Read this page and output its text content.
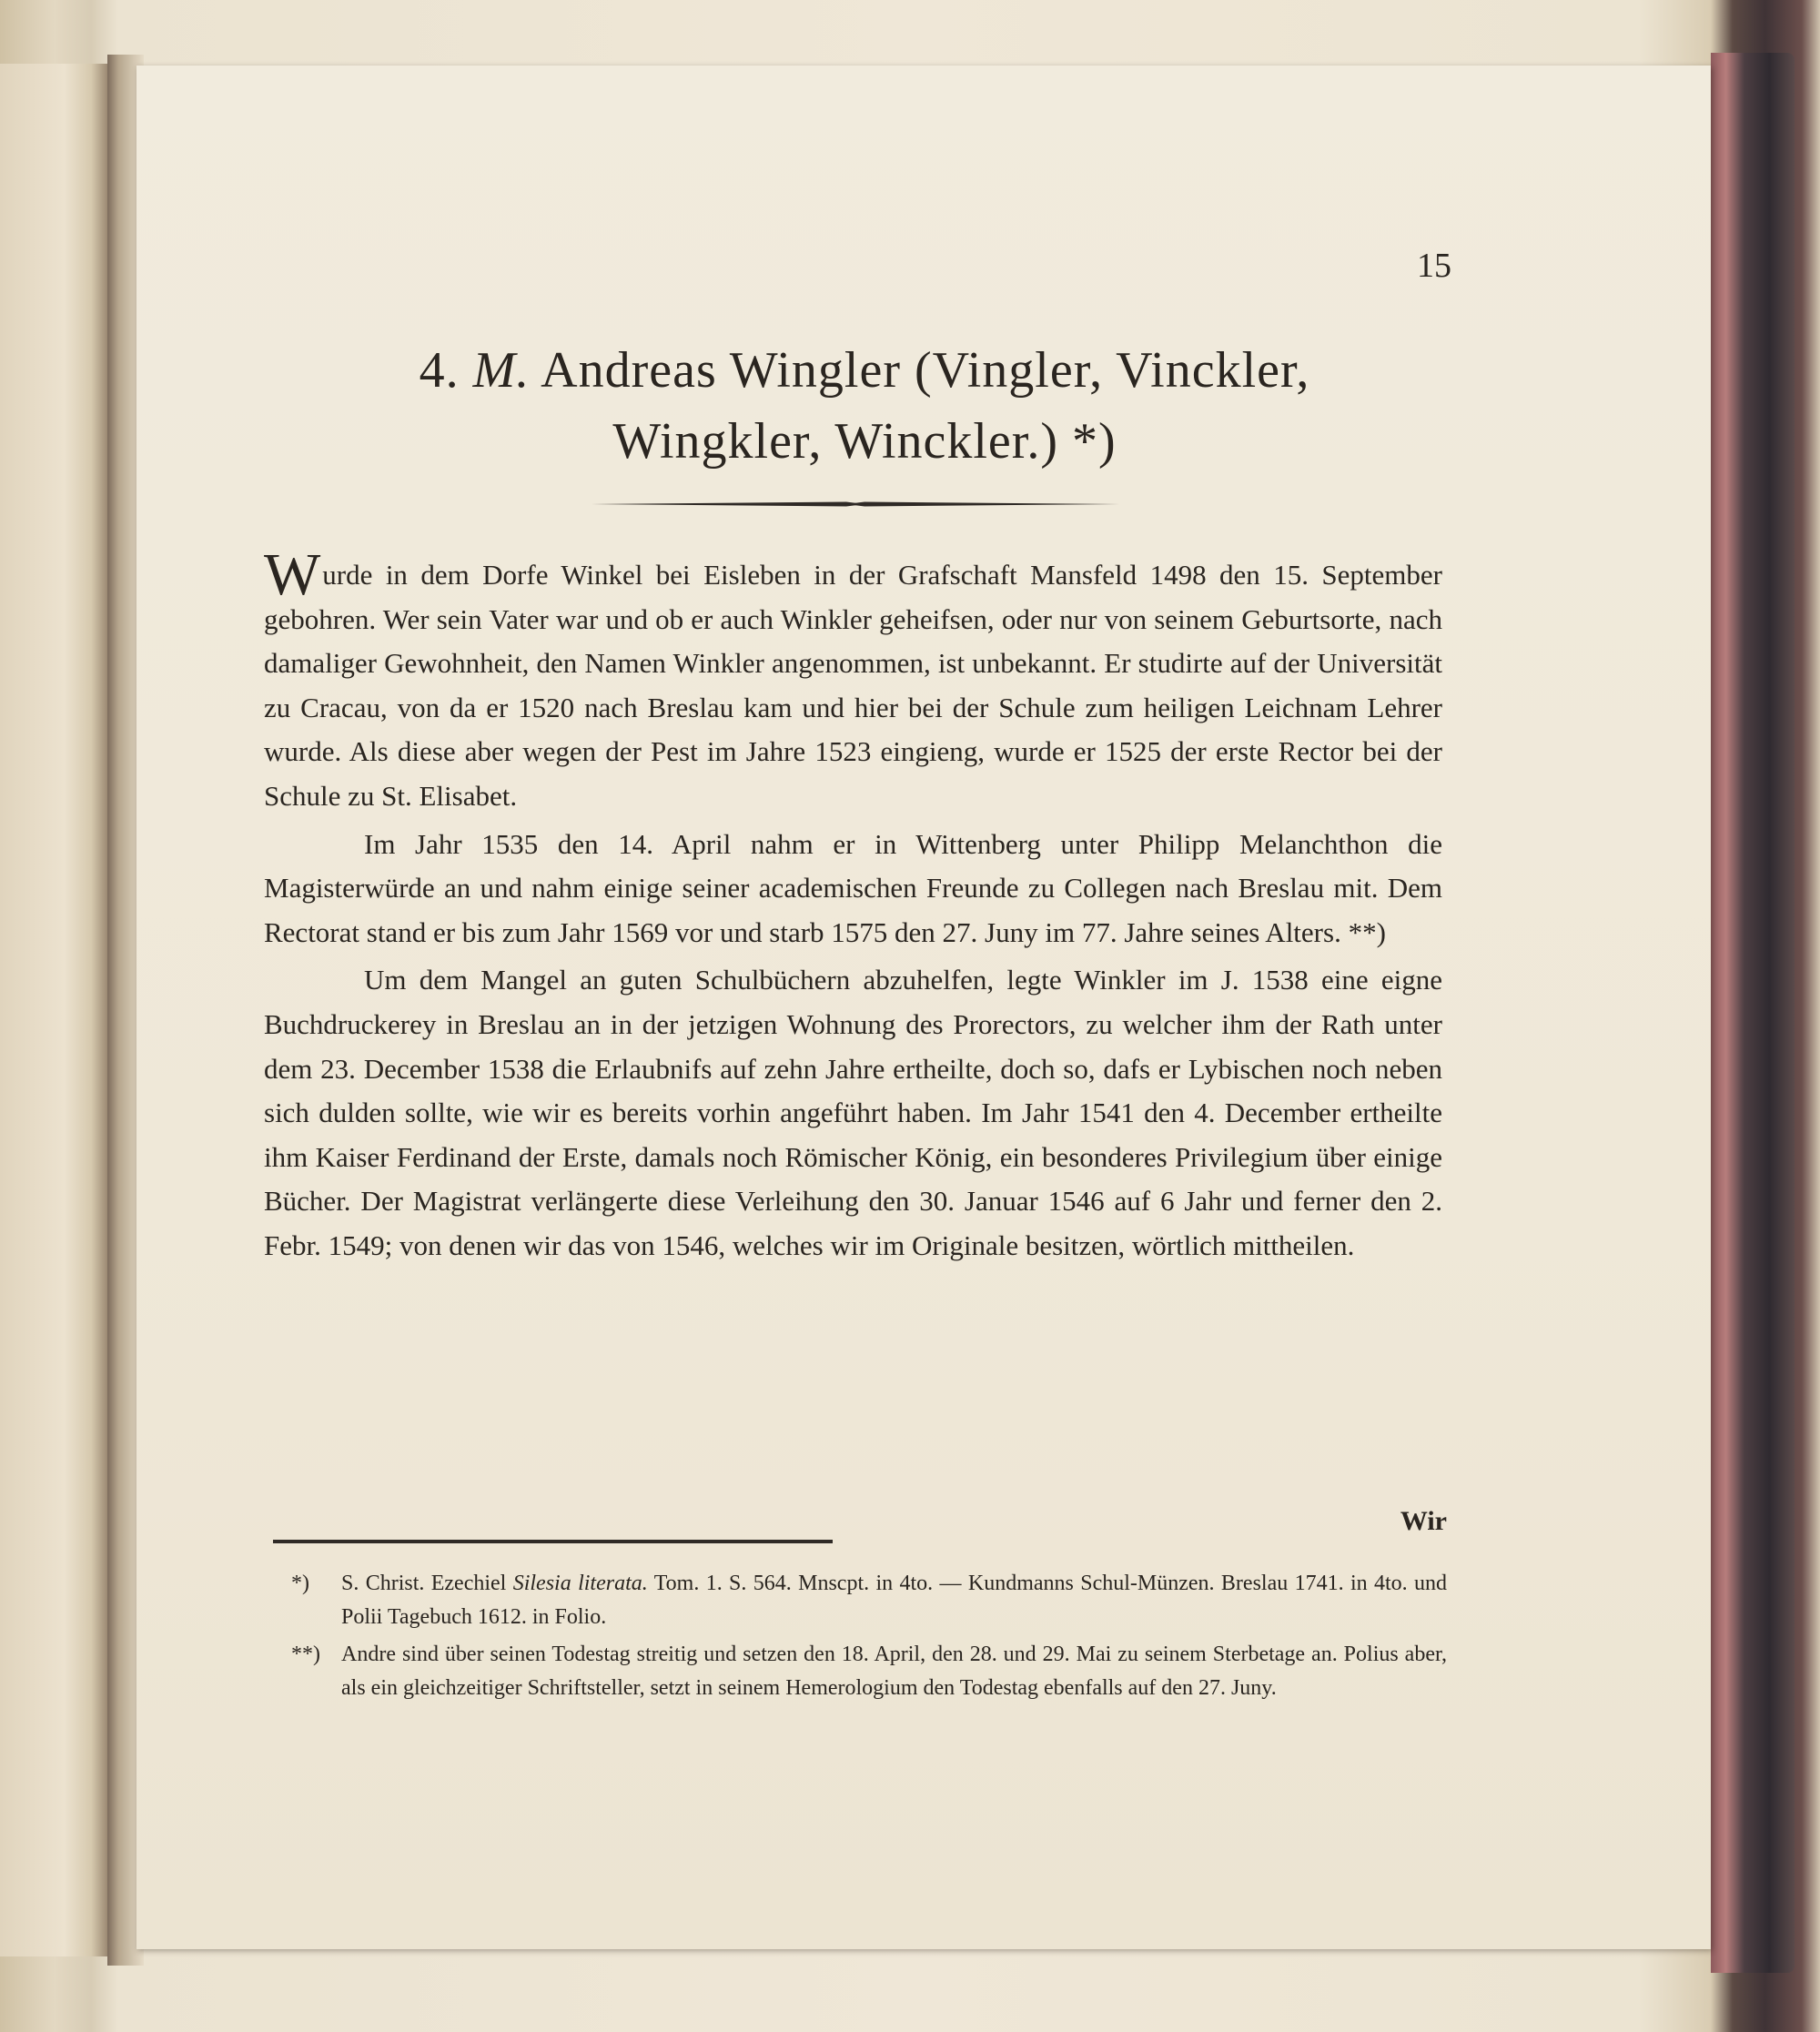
15
4. M. Andreas Wingler (Vingler, Vinckler,
Wingkler, Winckler.) *)

Wurde in dem Dorfe Winkel bei Eisleben in der Grafschaft Mansfeld 1498 den 15. September gebohren. Wer sein Vater war und ob er auch Winkler geheifsen, oder nur von seinem Geburtsorte, nach damaliger Gewohnheit, den Namen Winkler angenommen, ist unbekannt. Er studirte auf der Universität zu Cracau, von da er 1520 nach Breslau kam und hier bei der Schule zum heiligen Leichnam Lehrer wurde. Als diese aber wegen der Pest im Jahre 1523 eingieng, wurde er 1525 der erste Rector bei der Schule zu St. Elisabet.

Im Jahr 1535 den 14. April nahm er in Wittenberg unter Philipp Melanchthon die Magisterwürde an und nahm einige seiner academischen Freunde zu Collegen nach Breslau mit. Dem Rectorat stand er bis zum Jahr 1569 vor und starb 1575 den 27. Juny im 77. Jahre seines Alters. **)

Um dem Mangel an guten Schulbüchern abzuhelfen, legte Winkler im J. 1538 eine eigne Buchdruckerey in Breslau an in der jetzigen Wohnung des Prorectors, zu welcher ihm der Rath unter dem 23. December 1538 die Erlaubnifs auf zehn Jahre ertheilte, doch so, dafs er Lybischen noch neben sich dulden sollte, wie wir es bereits vorhin angeführt haben. Im Jahr 1541 den 4. December ertheilte ihm Kaiser Ferdinand der Erste, damals noch Römischer König, ein besonderes Privilegium über einige Bücher. Der Magistrat verlängerte diese Verleihung den 30. Januar 1546 auf 6 Jahr und ferner den 2. Febr. 1549; von denen wir das von 1546, welches wir im Originale besitzen, wörtlich mittheilen.

Wir
*)	S. Christ. Ezechiel Silesia literata. Tom. 1. S. 564. Mnscpt. in 4to. — Kundmanns Schul-Münzen. Breslau 1741. in 4to. und Polii Tagebuch 1612. in Folio.
**) Andre sind über seinen Todestag streitig und setzen den 18. April, den 28. und 29. Mai zu seinem Sterbetage an. Polius aber, als ein gleichzeitiger Schriftsteller, setzt in seinem Hemerologium den Todestag ebenfalls auf den 27. Juny.
